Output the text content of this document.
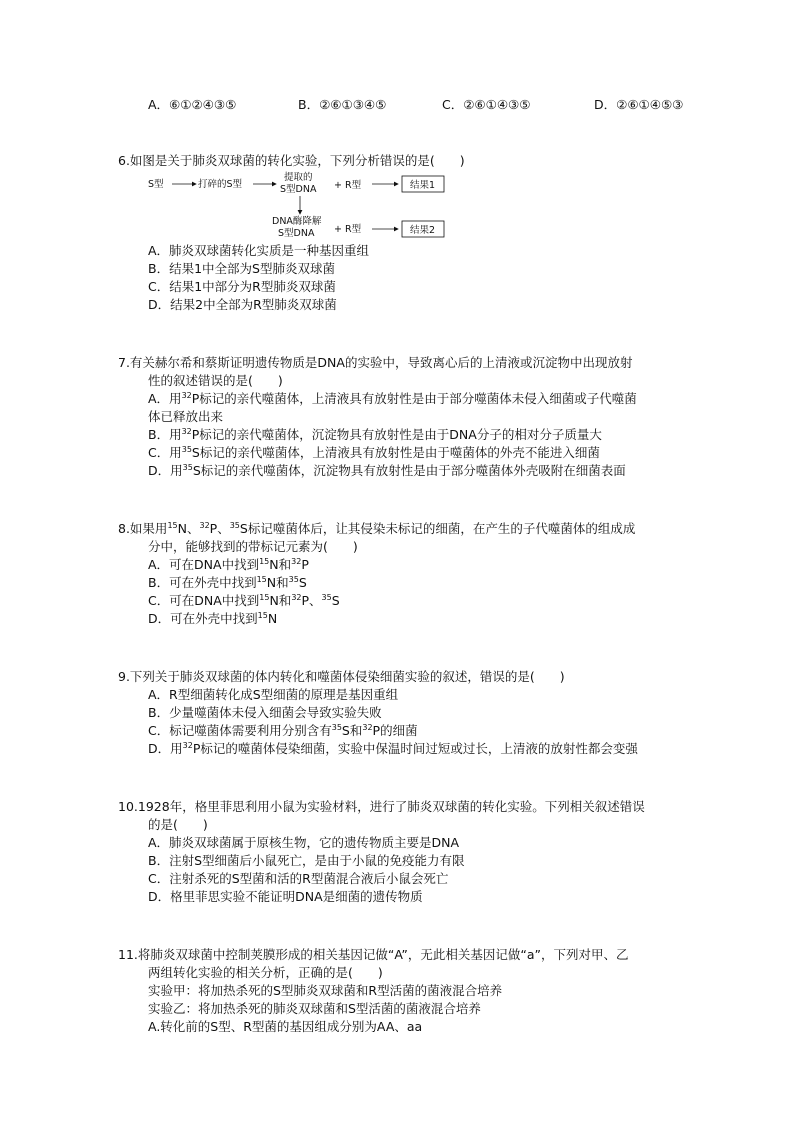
A．⑥①②④③⑤	B．②⑥①③④⑤	C．②⑥①④③⑤	D．②⑥①④⑤③
6.如图是关于肺炎双球菌的转化实验，下列分析错误的是(　　)
S型	打碎的S型
提取的
S型DNA + R型	结果1
DNA酶降解
S型DNA + R型	结果2
A．肺炎双球菌转化实质是一种基因重组
B．结果1中全部为S型肺炎双球菌
C．结果1中部分为R型肺炎双球菌
D．结果2中全部为R型肺炎双球菌
7.有关赫尔希和蔡斯证明遗传物质是DNA的实验中，导致离心后的上清液或沉淀物中出现放射
性的叙述错误的是(　　)
A．用$^{32}$P标记的亲代噬菌体，上清液具有放射性是由于部分噬菌体未侵入细菌或子代噬菌
体已释放出来
B．用$^{32}$P标记的亲代噬菌体，沉淀物具有放射性是由于DNA分子的相对分子质量大
C．用$^{35}$S标记的亲代噬菌体，上清液具有放射性是由于噬菌体的外壳不能进入细菌
D．用$^{35}$S标记的亲代噬菌体，沉淀物具有放射性是由于部分噬菌体外壳吸附在细菌表面
8.如果用$^{15}$N、$^{32}$P、$^{35}$S标记噬菌体后，让其侵染未标记的细菌，在产生的子代噬菌体的组成成
分中，能够找到的带标记元素为(　　)
A．可在DNA中找到$^{15}$N和$^{32}$P
B．可在外壳中找到$^{15}$N和$^{35}$S
C．可在DNA中找到$^{15}$N和$^{32}$P、$^{35}$S
D．可在外壳中找到$^{15}$N
9.下列关于肺炎双球菌的体内转化和噬菌体侵染细菌实验的叙述，错误的是(　　)
A．R型细菌转化成S型细菌的原理是基因重组
B．少量噬菌体未侵入细菌会导致实验失败
C．标记噬菌体需要利用分别含有$^{35}$S和$^{32}$P的细菌
D．用$^{32}$P标记的噬菌体侵染细菌，实验中保温时间过短或过长，上清液的放射性都会变强
10.1928年，格里菲思利用小鼠为实验材料，进行了肺炎双球菌的转化实验。下列相关叙述错误
的是(　　)
A．肺炎双球菌属于原核生物，它的遗传物质主要是DNA
B．注射S型细菌后小鼠死亡，是由于小鼠的免疫能力有限
C．注射杀死的S型菌和活的R型菌混合液后小鼠会死亡
D．格里菲思实验不能证明DNA是细菌的遗传物质
11.将肺炎双球菌中控制荚膜形成的相关基因记做“A”，无此相关基因记做“a”，下列对甲、乙
两组转化实验的相关分析，正确的是(　　)
实验甲：将加热杀死的S型肺炎双球菌和R型活菌的菌液混合培养
实验乙：将加热杀死的肺炎双球菌和S型活菌的菌液混合培养
A.转化前的S型、R型菌的基因组成分别为AA、aa
